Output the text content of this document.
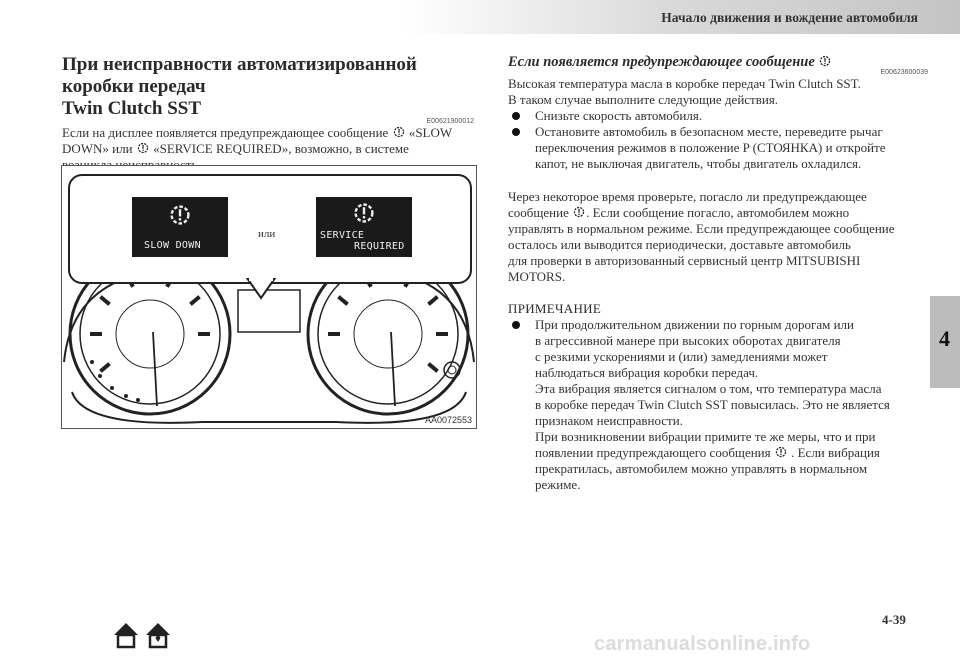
Начало движения и вождение автомобиля
При неисправности автоматизированной коробки передач
Twin Clutch SST
E00621900012
Если на дисплее появляется предупреждающее сообщение «SLOW
DOWN» или «SERVICE REQUIRED», возможно, в системе

SLOW DOWN
или	SERVICE
REQUIRED
AA0072553
Если появляется предупреждающее сообщение
E00623600039
Высокая температура масла в коробке передач Twin Clutch SST.
В таком случае выполните следующие действия.
Снизьте скорость автомобиля.
Остановите автомобиль в безопасном месте, переведите рычаг
переключения режимов в положение P (СТОЯНКА) и откройте
капот, не выключая двигатель, чтобы двигатель охладился.
Через некоторое время проверьте, погасло ли предупреждающее
сообщение . Если сообщение погасло, автомобилем можно
управлять в нормальном режиме. Если предупреждающее сообщение
осталось или выводится периодически, доставьте автомобиль
для проверки в авторизованный сервисный центр MITSUBISHI
MOTORS.
ПРИМЕЧАНИЕ
При продолжительном движении по горным дорогам или
в агрессивной манере при высоких оборотах двигателя
с резкими ускорениями и (или) замедлениями может
наблюдаться вибрация коробки передач.
Эта вибрация является сигналом о том, что температура масла
в коробке передач Twin Clutch SST повысилась. Это не является
признаком неисправности.
При возникновении вибрации примите те же меры, что и при
появлении предупреждающего сообщения . Если вибрация
прекратилась, автомобилем можно управлять в нормальном
режиме.
4
4-39
carmanualsonline.info
